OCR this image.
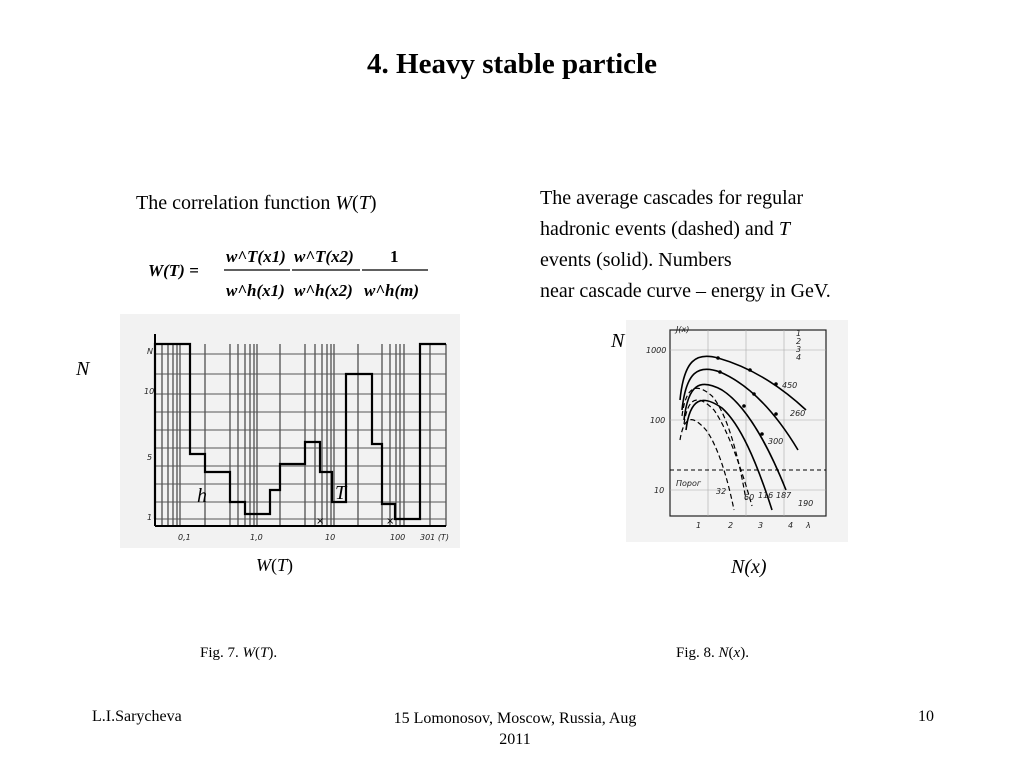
4. Heavy stable particle
The correlation function W(T)
W(T) =
w^T(x1) w^T(x2) 1
w^h(x1) w^h(x2) w^h(m)
The average cascades for regular
hadronic events (dashed) and T
events (solid). Numbers
near cascade curve – energy in GeV.
N
×	×
N
10
5
1
0,1	1,0	10	100 301 (T)
h	T
W(T)
N
J(x)
1000
100
10
1	2	3	4 λ
Порог
450
260
300
32
60 116 187
190
1
2
3
4
N(x)
Fig. 7. W(T).	Fig. 8. N(x).
L.I.Sarycheva	15 Lomonosov, Moscow, Russia, Aug
2011
10
